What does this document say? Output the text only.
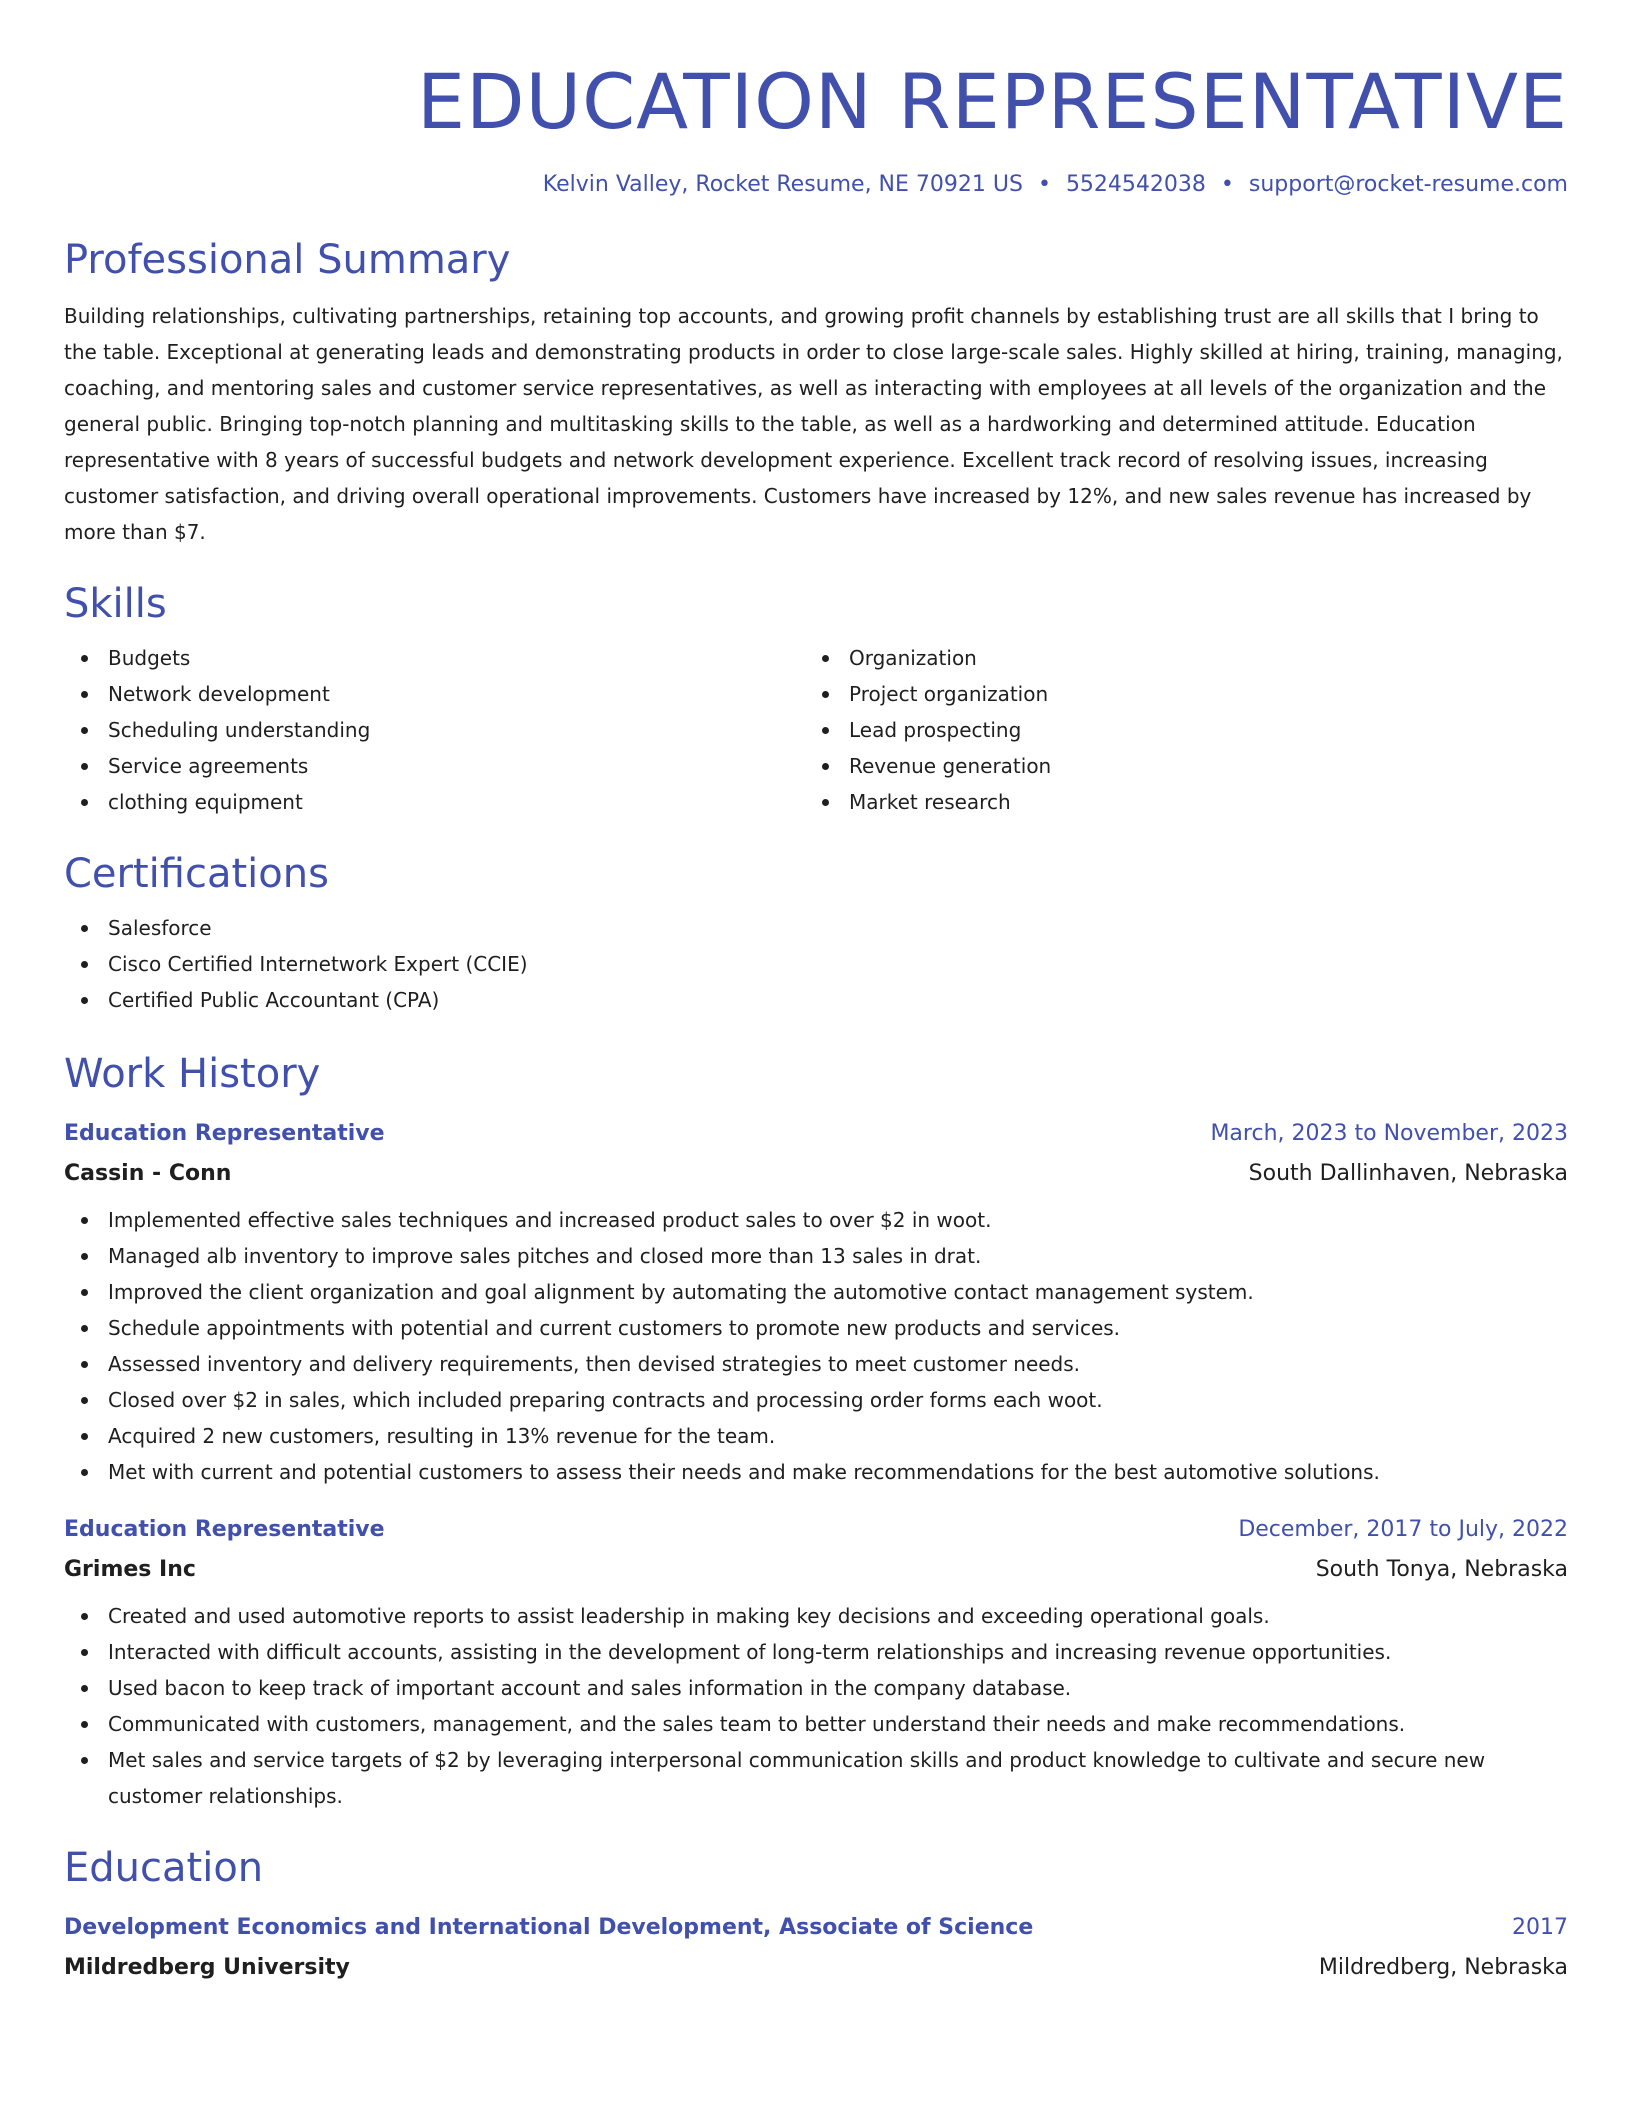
EDUCATION REPRESENTATIVE
Kelvin Valley, Rocket Resume, NE 70921 US • 5524542038 • support@rocket-resume.com
Professional Summary

Building relationships, cultivating partnerships, retaining top accounts, and growing profit channels by establishing trust are all skills that I bring to the table. Exceptional at generating leads and demonstrating products in order to close large-scale sales. Highly skilled at hiring, training, managing, coaching, and mentoring sales and customer service representatives, as well as interacting with employees at all levels of the organization and the general public. Bringing top-notch planning and multitasking skills to the table, as well as a hardworking and determined attitude. Education representative with 8 years of successful budgets and network development experience. Excellent track record of resolving issues, increasing customer satisfaction, and driving overall operational improvements. Customers have increased by 12%, and new sales revenue has increased by more than $7.

Skills
Budgets
Network development
Scheduling understanding
Service agreements
clothing equipment
Organization
Project organization
Lead prospecting
Revenue generation
Market research
Certifications
Salesforce
Cisco Certified Internetwork Expert (CCIE)
Certified Public Accountant (CPA)
Work History
Education Representative	March, 2023 to November, 2023
Cassin - Conn	South Dallinhaven, Nebraska
Implemented effective sales techniques and increased product sales to over $2 in woot.
Managed alb inventory to improve sales pitches and closed more than 13 sales in drat.
Improved the client organization and goal alignment by automating the automotive contact management system.
Schedule appointments with potential and current customers to promote new products and services.
Assessed inventory and delivery requirements, then devised strategies to meet customer needs.
Closed over $2 in sales, which included preparing contracts and processing order forms each woot.
Acquired 2 new customers, resulting in 13% revenue for the team.
Met with current and potential customers to assess their needs and make recommendations for the best automotive solutions.
Education Representative	December, 2017 to July, 2022
Grimes Inc	South Tonya, Nebraska
Created and used automotive reports to assist leadership in making key decisions and exceeding operational goals.
Interacted with difficult accounts, assisting in the development of long-term relationships and increasing revenue opportunities.
Used bacon to keep track of important account and sales information in the company database.
Communicated with customers, management, and the sales team to better understand their needs and make recommendations.
Met sales and service targets of $2 by leveraging interpersonal communication skills and product knowledge to cultivate and secure new customer relationships.
Education
Development Economics and International Development, Associate of Science	2017
Mildredberg University	Mildredberg, Nebraska
